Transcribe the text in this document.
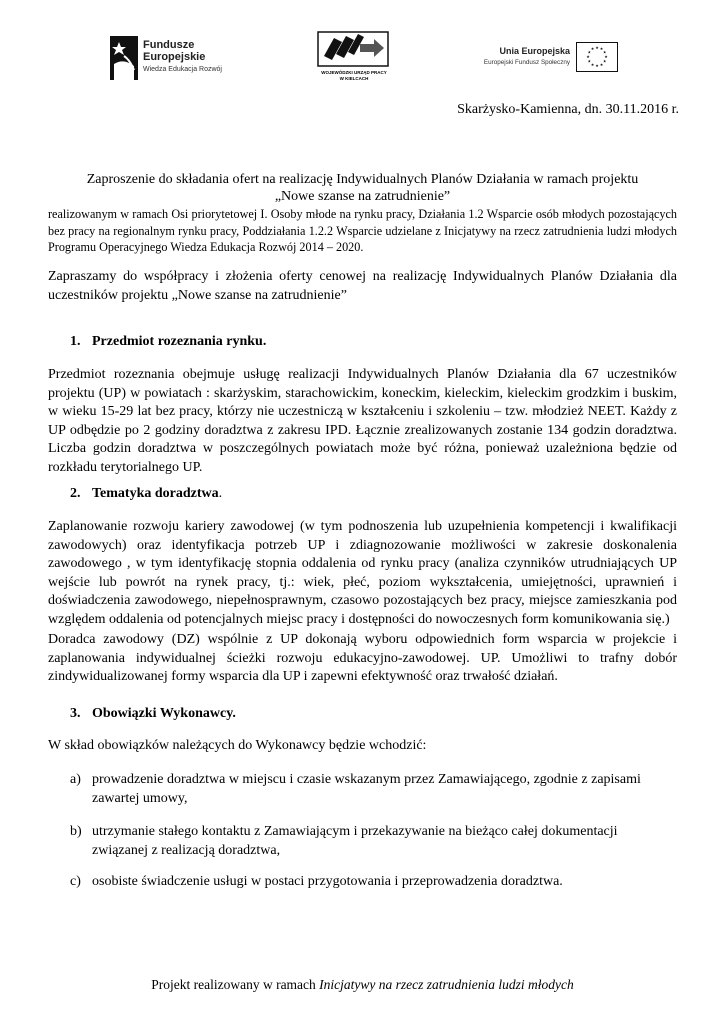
Fundusze
Europejskie
Wiedza Edukacja Rozwój	WOJEWÓDZKI URZĄD PRACY
W KIELCACH
Unia Europejska
Europejski Fundusz Społeczny
★ ★
★
★
★
★
★
★
★
★
★
★
Skarżysko-Kamienna, dn. 30.11.2016 r.
Zaproszenie do składania ofert na realizację Indywidualnych Planów Działania w ramach projektu
„Nowe szanse na zatrudnienie”
realizowanym w ramach Osi priorytetowej I. Osoby młode na rynku pracy, Działania 1.2 Wsparcie osób młodych pozostających bez pracy na regionalnym rynku pracy, Poddziałania 1.2.2 Wsparcie udzielane z Inicjatywy na rzecz zatrudnienia ludzi młodych Programu Operacyjnego Wiedza Edukacja Rozwój 2014 – 2020.
Zapraszamy do współpracy i złożenia oferty cenowej na realizację Indywidualnych Planów Działania dla uczestników projektu „Nowe szanse na zatrudnienie”
1. Przedmiot rozeznania rynku.
Przedmiot rozeznania obejmuje usługę realizacji Indywidualnych Planów Działania dla 67 uczestników projektu (UP) w powiatach : skarżyskim, starachowickim, koneckim, kieleckim, kieleckim grodzkim i buskim, w wieku 15-29 lat bez pracy, którzy nie uczestniczą w kształceniu i szkoleniu – tzw. młodzież NEET. Każdy z UP odbędzie po 2 godziny doradztwa z zakresu IPD. Łącznie zrealizowanych zostanie 134 godzin doradztwa. Liczba godzin doradztwa w poszczególnych powiatach może być różna, ponieważ uzależniona będzie od rozkładu terytorialnego UP.
2. Tematyka doradztwa.
Zaplanowanie rozwoju kariery zawodowej (w tym podnoszenia lub uzupełnienia kompetencji i kwalifikacji zawodowych) oraz identyfikacja potrzeb UP i zdiagnozowanie możliwości w zakresie doskonalenia zawodowego , w tym identyfikację stopnia oddalenia od rynku pracy (analiza czynników utrudniających UP wejście lub powrót na rynek pracy, tj.: wiek, płeć, poziom wykształcenia, umiejętności, uprawnień i doświadczenia zawodowego, niepełnosprawnym, czasowo pozostających bez pracy, miejsce zamieszkania pod względem oddalenia od potencjalnych miejsc pracy i dostępności do nowoczesnych form komunikowania się.)
Doradca zawodowy (DZ) wspólnie z UP dokonają wyboru odpowiednich form wsparcia w projekcie i zaplanowania indywidualnej ścieżki rozwoju edukacyjno-zawodowej. UP. Umożliwi to trafny dobór zindywidualizowanej formy wsparcia dla UP i zapewni efektywność oraz trwałość działań.
3. Obowiązki Wykonawcy.
W skład obowiązków należących do Wykonawcy będzie wchodzić:
a) prowadzenie doradztwa w miejscu i czasie wskazanym przez Zamawiającego, zgodnie z zapisami zawartej umowy,
b) utrzymanie stałego kontaktu z Zamawiającym i przekazywanie na bieżąco całej dokumentacji związanej z realizacją doradztwa,
c) osobiste świadczenie usługi w postaci przygotowania i przeprowadzenia doradztwa.
Projekt realizowany w ramach Inicjatywy na rzecz zatrudnienia ludzi młodych
